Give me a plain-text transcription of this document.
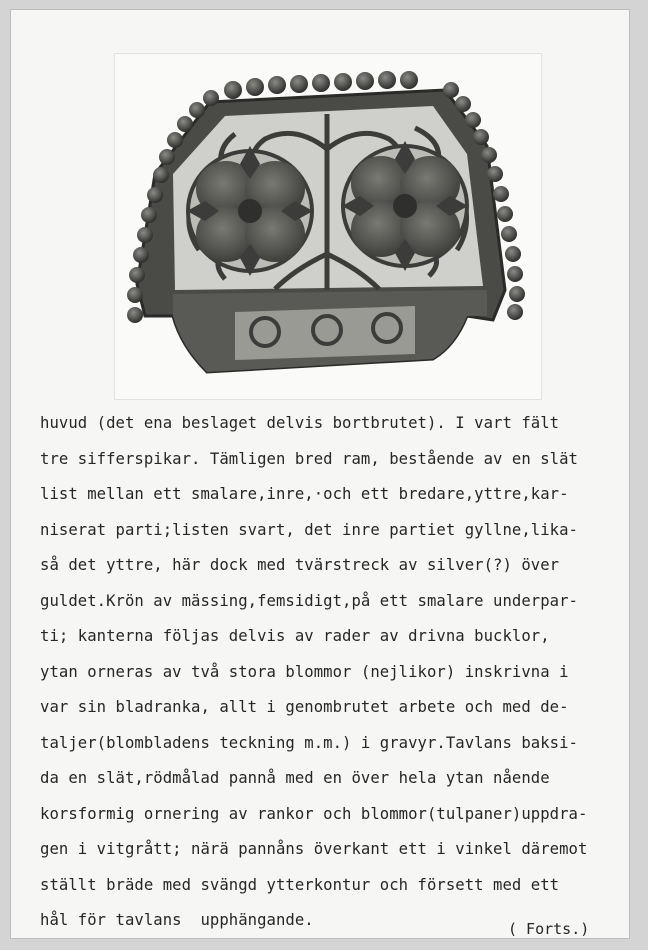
huvud (det ena beslaget delvis bortbrutet). I vart fält
tre sifferspikar. Tämligen bred ram, bestående av en slät
list mellan ett smalare,inre,·och ett bredare,yttre,kar-
niserat parti;listen svart, det inre partiet gyllne,lika-
så det yttre, här dock med tvärstreck av silver(?) över
guldet.Krön av mässing,femsidigt,på ett smalare underpar-
ti; kanterna följas delvis av rader av drivna bucklor,
ytan orneras av två stora blommor (nejlikor) inskrivna i
var sin bladranka, allt i genombrutet arbete och med de-
taljer(blombladens teckning m.m.) i gravyr.Tavlans baksi-
da en slät,rödmålad pannå med en över hela ytan nående
korsformig ornering av rankor och blommor(tulpaner)uppdra-
gen i vitgrått; närä pannåns överkant ett i vinkel däremot
ställt bräde med svängd ytterkontur och försett med ett
hål för tavlans  upphängande.	( Forts.)
